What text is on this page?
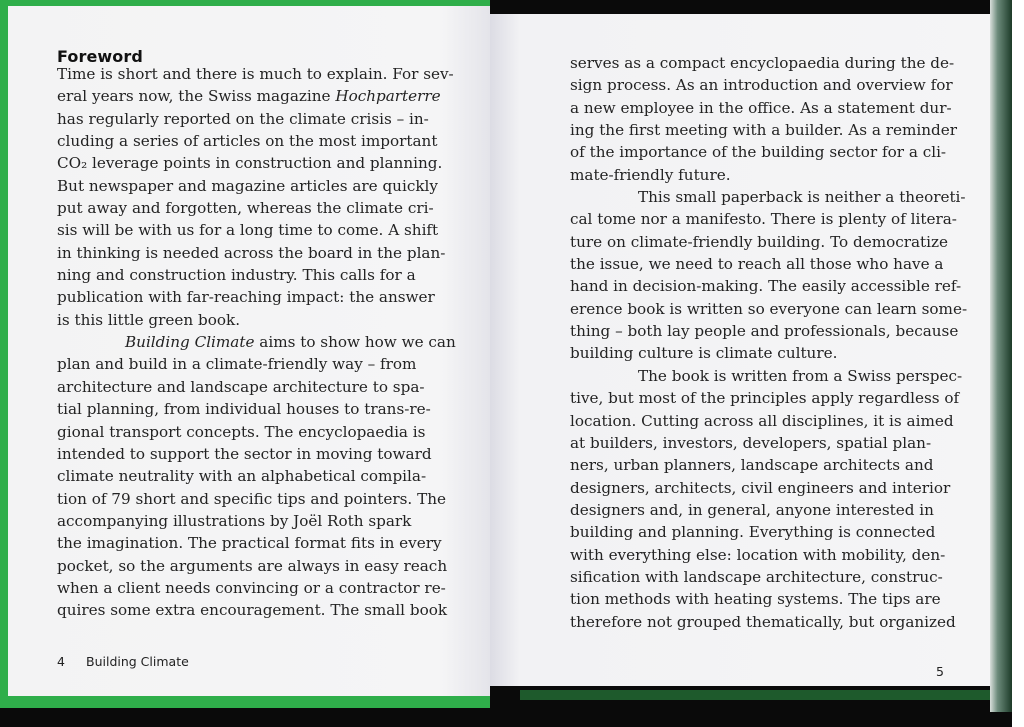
Foreword
Time is short and there is much to explain. For sev-
eral years now, the Swiss magazine Hochparterre
has regularly reported on the climate crisis – in-
cluding a series of articles on the most important
CO₂ leverage points in construction and planning.
But newspaper and magazine articles are quickly
put away and forgotten, whereas the climate cri-
sis will be with us for a long time to come. A shift
in thinking is needed across the board in the plan-
ning and construction industry. This calls for a
publication with far-reaching impact: the answer
is this little green book.
Building Climate aims to show how we can
plan and build in a climate-friendly way – from
architecture and landscape architecture to spa-
tial planning, from individual houses to trans-re-
gional transport concepts. The encyclopaedia is
intended to support the sector in moving toward
climate neutrality with an alphabetical compila-
tion of 79 short and specific tips and pointers. The
accompanying illustrations by Joël Roth spark
the imagination. The practical format fits in every
pocket, so the arguments are always in easy reach
when a client needs convincing or a contractor re-
quires some extra encouragement. The small book
4 Building Climate
serves as a compact encyclopaedia during the de-
sign process. As an introduction and overview for
a new employee in the office. As a statement dur-
ing the first meeting with a builder. As a reminder
of the importance of the building sector for a cli-
mate-friendly future.
This small paperback is neither a theoreti-
cal tome nor a manifesto. There is plenty of litera-
ture on climate-friendly building. To democratize
the issue, we need to reach all those who have a
hand in decision-making. The easily accessible ref-
erence book is written so everyone can learn some-
thing – both lay people and professionals, because
building culture is climate culture.
The book is written from a Swiss perspec-
tive, but most of the principles apply regardless of
location. Cutting across all disciplines, it is aimed
at builders, investors, developers, spatial plan-
ners, urban planners, landscape architects and
designers, architects, civil engineers and interior
designers and, in general, anyone interested in
building and planning. Everything is connected
with everything else: location with mobility, den-
sification with landscape architecture, construc-
tion methods with heating systems. The tips are
therefore not grouped thematically, but organized
5
